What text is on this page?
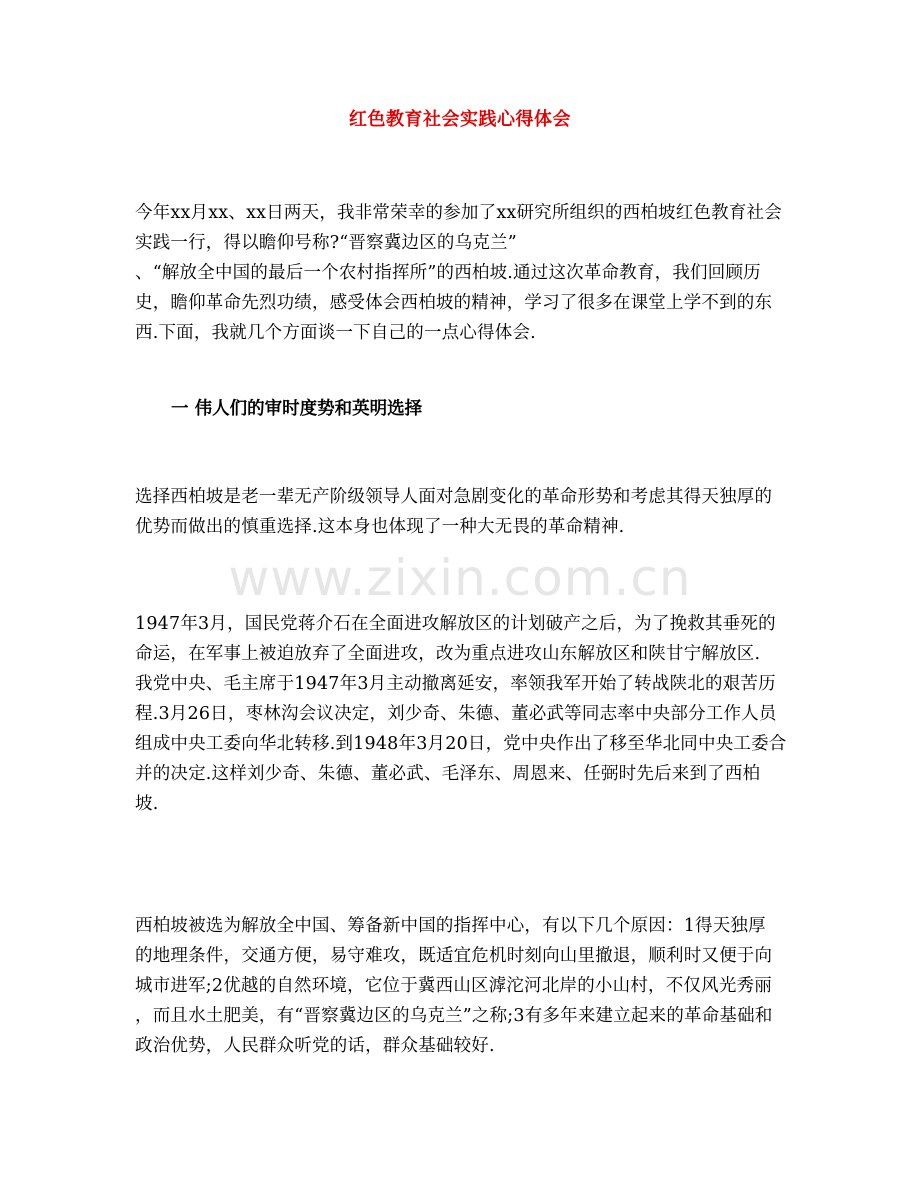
www.zixin.com.cn
红色教育社会实践心得体会

今年xx月xx、xx日两天，我非常荣幸的参加了xx研究所组织的西柏坡红色教育社会
实践一行，得以瞻仰号称?“晋察冀边区的乌克兰”
、“解放全中国的最后一个农村指挥所”的西柏坡.通过这次革命教育，我们回顾历
史，瞻仰革命先烈功绩，感受体会西柏坡的精神，学习了很多在课堂上学不到的东
西.下面，我就几个方面谈一下自己的一点心得体会.

一 伟人们的审时度势和英明选择

选择西柏坡是老一辈无产阶级领导人面对急剧变化的革命形势和考虑其得天独厚的
优势而做出的慎重选择.这本身也体现了一种大无畏的革命精神.

1947年3月，国民党蒋介石在全面进攻解放区的计划破产之后，为了挽救其垂死的
命运，在军事上被迫放弃了全面进攻，改为重点进攻山东解放区和陕甘宁解放区.
我党中央、毛主席于1947年3月主动撤离延安，率领我军开始了转战陕北的艰苦历
程.3月26日，枣林沟会议决定，刘少奇、朱德、董必武等同志率中央部分工作人员
组成中央工委向华北转移.到1948年3月20日，党中央作出了移至华北同中央工委合
并的决定.这样刘少奇、朱德、董必武、毛泽东、周恩来、任弼时先后来到了西柏
坡.

西柏坡被选为解放全中国、筹备新中国的指挥中心，有以下几个原因：1得天独厚
的地理条件，交通方便，易守难攻，既适宜危机时刻向山里撤退，顺利时又便于向
城市进军;2优越的自然环境，它位于冀西山区滹沱河北岸的小山村，不仅风光秀丽
，而且水土肥美，有“晋察冀边区的乌克兰”之称;3有多年来建立起来的革命基础和
政治优势，人民群众听党的话，群众基础较好.
